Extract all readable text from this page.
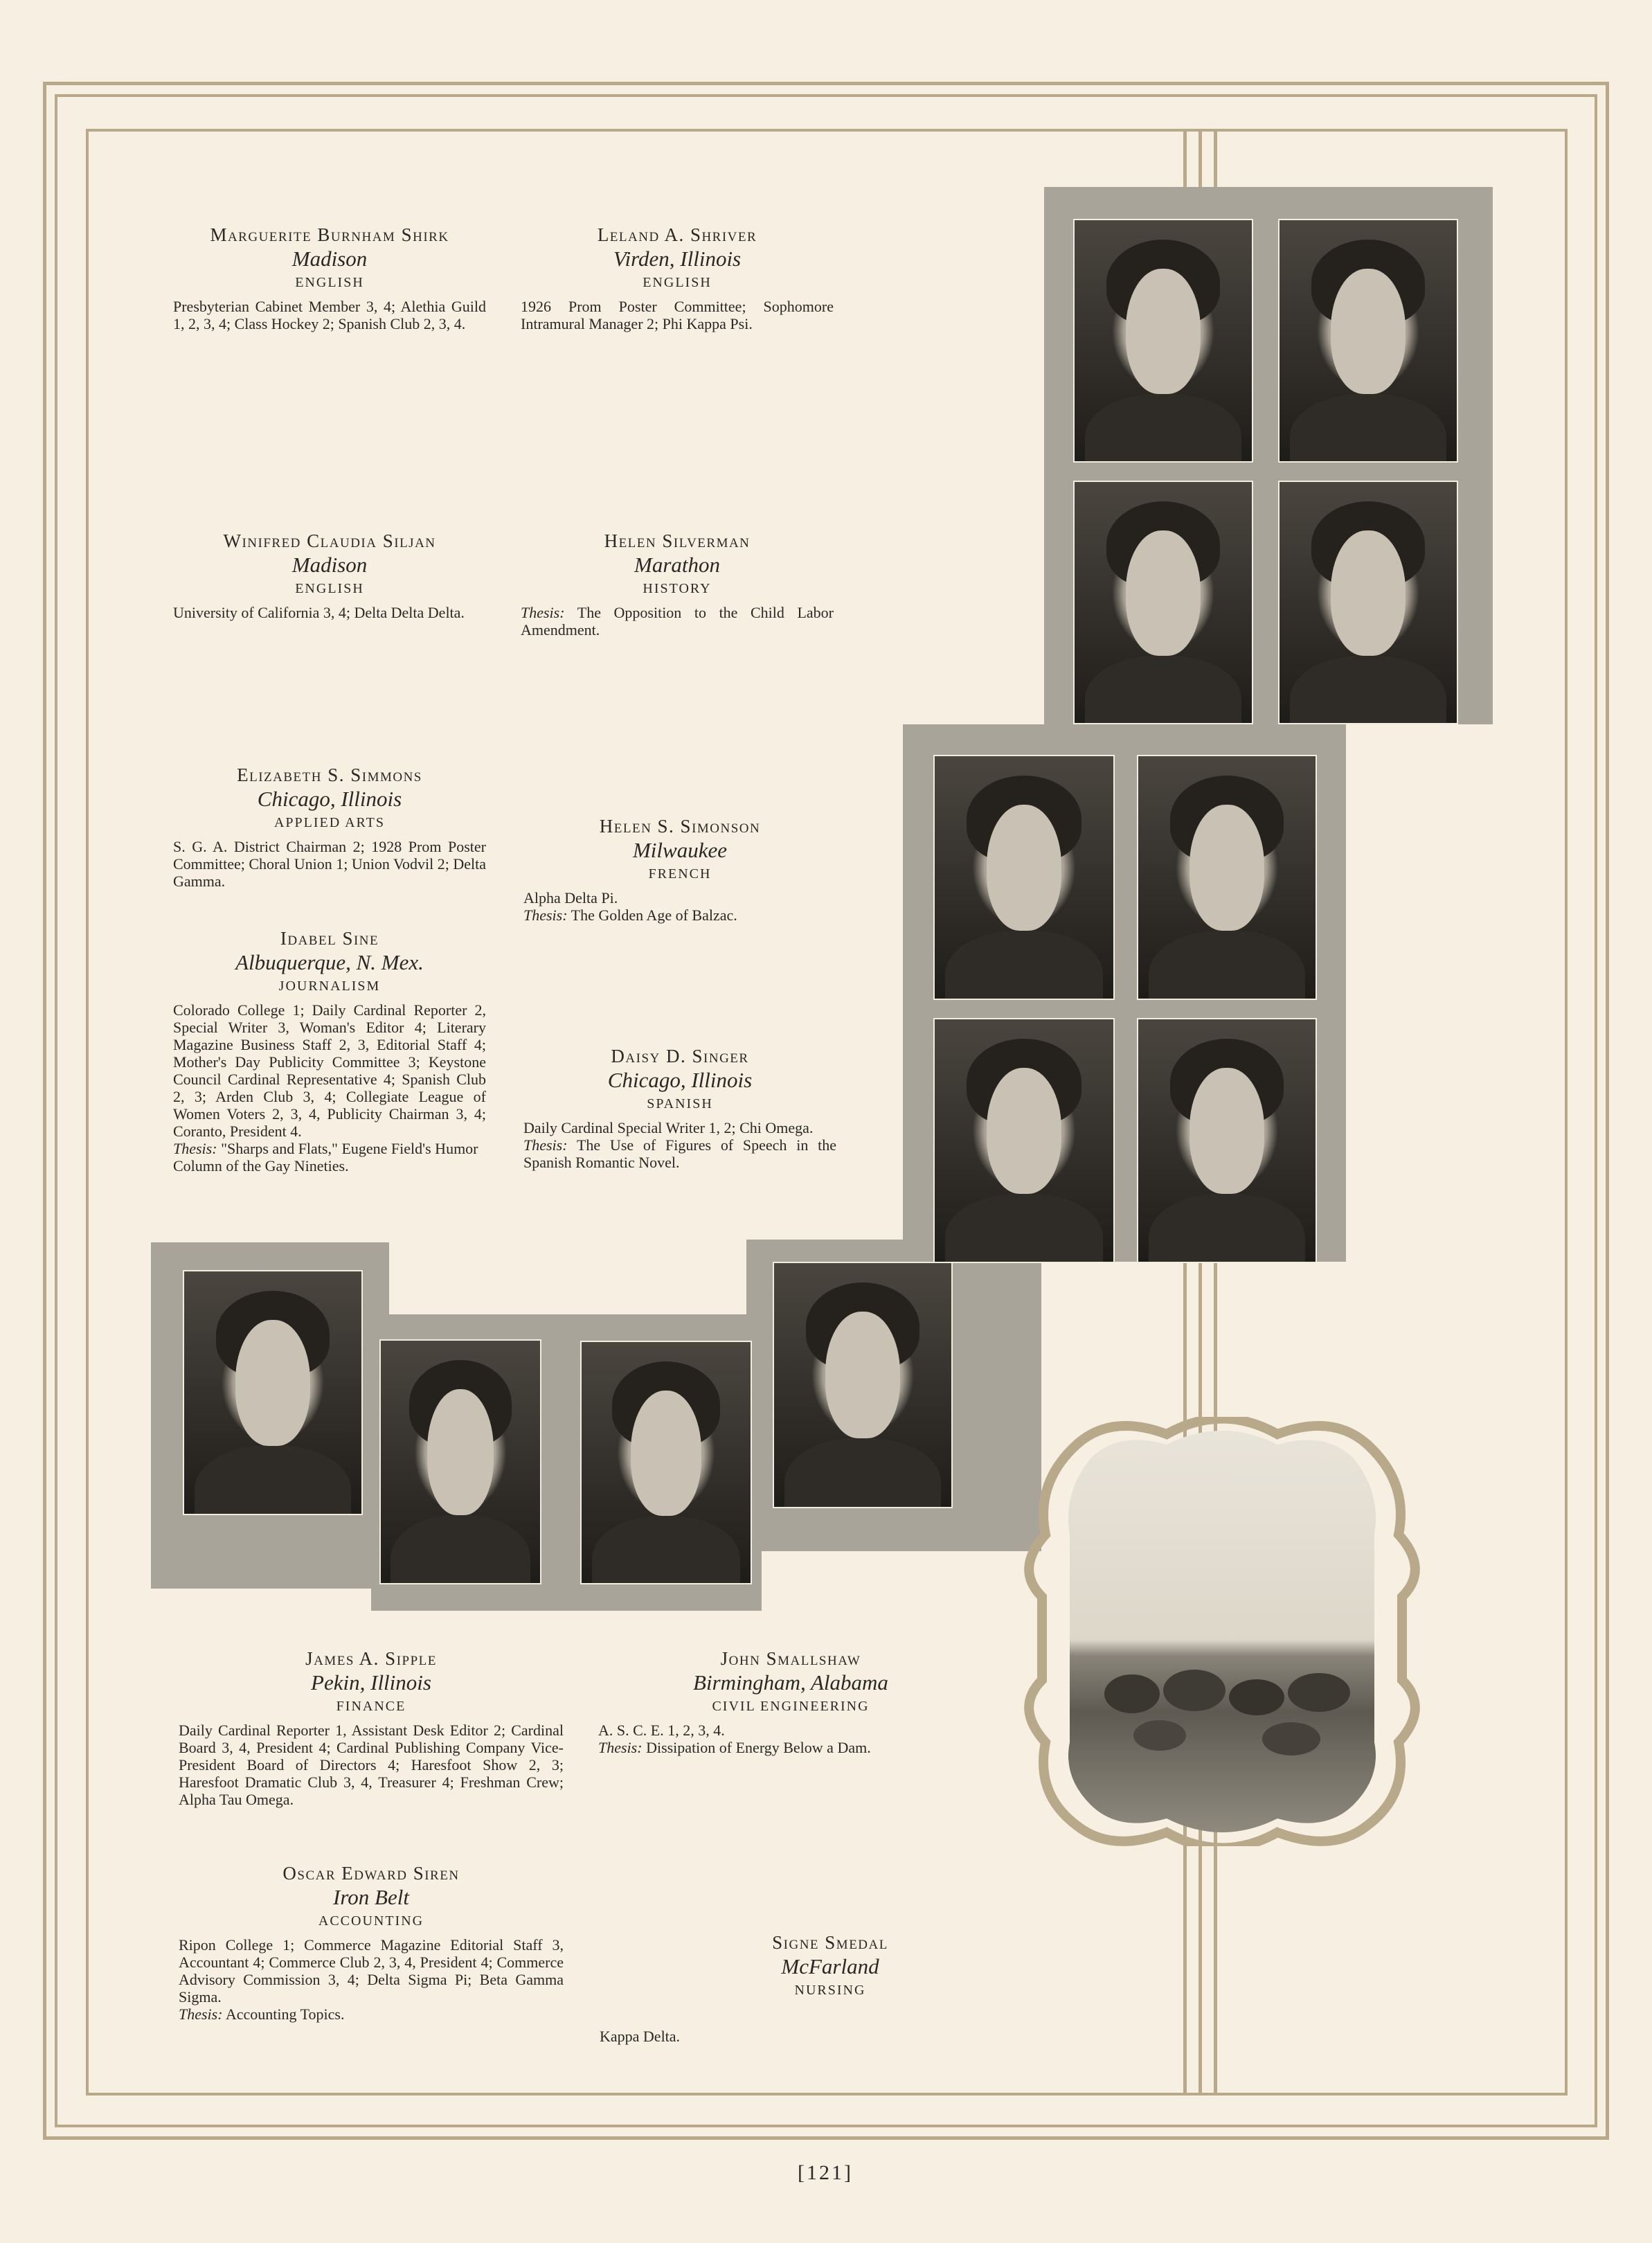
Marguerite Burnham Shirk
Madison
ENGLISH
Presbyterian Cabinet Member 3, 4; Alethia Guild 1, 2, 3, 4; Class Hockey 2; Spanish Club 2, 3, 4.
Leland A. Shriver
Virden, Illinois
ENGLISH
1926 Prom Poster Committee; Sophomore Intramural Manager 2; Phi Kappa Psi.
Winifred Claudia Siljan
Madison
ENGLISH
University of California 3, 4; Delta Delta Delta.
Helen Silverman
Marathon
HISTORY
Thesis: The Opposition to the Child Labor Amendment.
Elizabeth S. Simmons
Chicago, Illinois
APPLIED ARTS
S. G. A. District Chairman 2; 1928 Prom Poster Committee; Choral Union 1; Union Vodvil 2; Delta Gamma.
Helen S. Simonson
Milwaukee
FRENCH
Alpha Delta Pi.
Thesis: The Golden Age of Balzac.
Idabel Sine
Albuquerque, N. Mex.
JOURNALISM
Colorado College 1; Daily Cardinal Reporter 2, Special Writer 3, Woman's Editor 4; Literary Magazine Business Staff 2, 3, Editorial Staff 4; Mother's Day Publicity Committee 3; Keystone Council Cardinal Representative 4; Spanish Club 2, 3; Arden Club 3, 4; Collegiate League of Women Voters 2, 3, 4, Publicity Chairman 3, 4; Coranto, President 4.
Thesis: "Sharps and Flats," Eugene Field's Humor Column of the Gay Nineties.
Daisy D. Singer
Chicago, Illinois
SPANISH
Daily Cardinal Special Writer 1, 2; Chi Omega.
Thesis: The Use of Figures of Speech in the Spanish Romantic Novel.
James A. Sipple
Pekin, Illinois
FINANCE
Daily Cardinal Reporter 1, Assistant Desk Editor 2; Cardinal Board 3, 4, President 4; Cardinal Publishing Company Vice-President Board of Directors 4; Haresfoot Show 2, 3; Haresfoot Dramatic Club 3, 4, Treasurer 4; Freshman Crew; Alpha Tau Omega.
John Smallshaw
Birmingham, Alabama
CIVIL ENGINEERING
A. S. C. E. 1, 2, 3, 4.
Thesis: Dissipation of Energy Below a Dam.
Oscar Edward Siren
Iron Belt
ACCOUNTING
Ripon College 1; Commerce Magazine Editorial Staff 3, Accountant 4; Commerce Club 2, 3, 4, President 4; Commerce Advisory Commission 3, 4; Delta Sigma Pi; Beta Gamma Sigma.
Thesis: Accounting Topics.
Signe Smedal
McFarland
NURSING
Kappa Delta.
[121]
